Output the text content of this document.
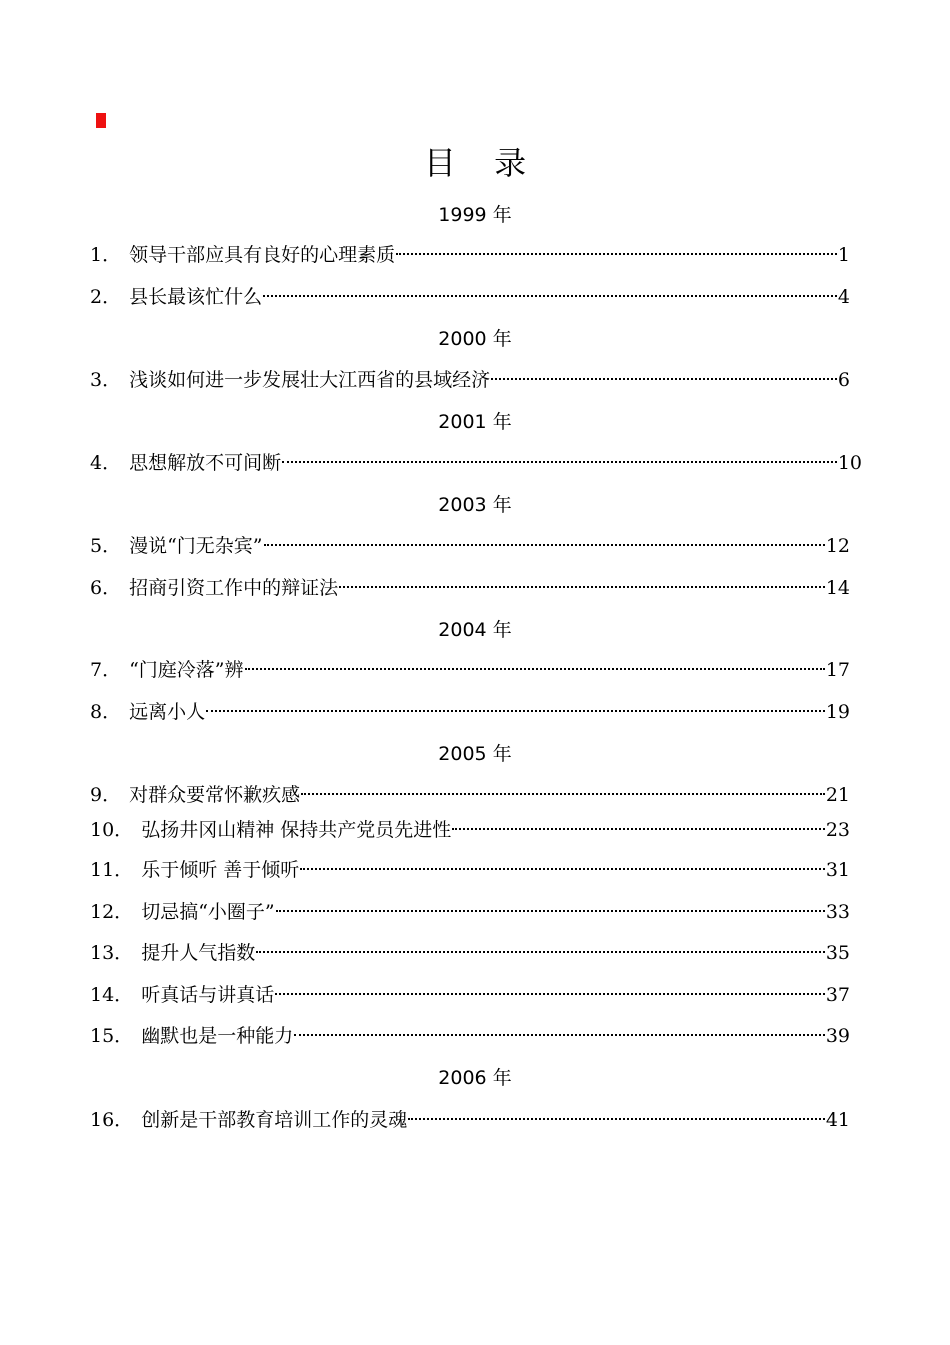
目 录
1999 年
1． 领导干部应具有良好的心理素质	1
2． 县长最该忙什么	4
2000 年
3． 浅谈如何进一步发展壮大江西省的县域经济	6
2001 年
4． 思想解放不可间断	10
2003 年
5． 漫说“门无杂宾”	12
6． 招商引资工作中的辩证法	14
2004 年
7． “门庭冷落”辨	17
8． 远离小人	19
2005 年
9． 对群众要常怀歉疚感	21
10． 弘扬井冈山精神 保持共产党员先进性	23
11． 乐于倾听 善于倾听	31
12． 切忌搞“小圈子”	33
13． 提升人气指数	35
14． 听真话与讲真话	37
15． 幽默也是一种能力	39
2006 年
16． 创新是干部教育培训工作的灵魂	41
